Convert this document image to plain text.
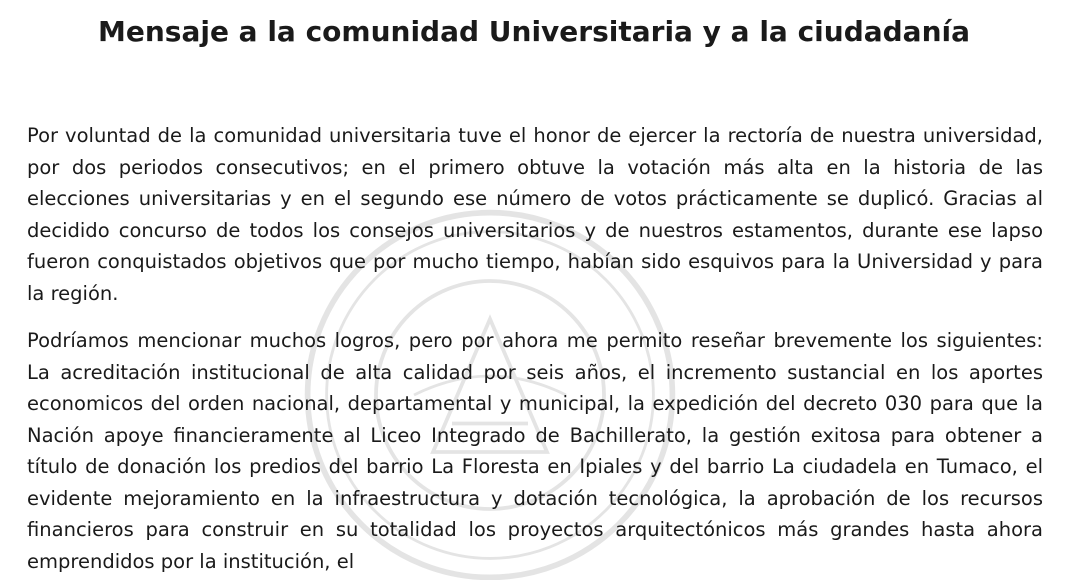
Mensaje a la comunidad Universitaria y a la ciudadanía

Por voluntad de la comunidad universitaria tuve el honor de ejercer la rectoría de nuestra universidad, por dos periodos consecutivos; en el primero obtuve la votación más alta en la historia de las elecciones universitarias y en el segundo ese número de votos prácticamente se duplicó. Gracias al decidido concurso de todos los consejos universitarios y de nuestros estamentos, durante ese lapso fueron conquistados objetivos que por mucho tiempo, habían sido esquivos para la Universidad y para la región.

Podríamos mencionar muchos logros, pero por ahora me permito reseñar brevemente los siguientes: La acreditación institucional de alta calidad por seis años, el incremento sustancial en los aportes economicos del orden nacional, departamental y municipal, la expedición del decreto 030 para que la Nación apoye financieramente al Liceo Integrado de Bachillerato, la gestión exitosa para obtener a título de donación los predios del barrio La Floresta en Ipiales y del barrio La ciudadela en Tumaco, el evidente mejoramiento en la infraestructura y dotación tecnológica, la aprobación de los recursos financieros para construir en su totalidad los proyectos arquitectónicos más grandes hasta ahora emprendidos por la institución, el
